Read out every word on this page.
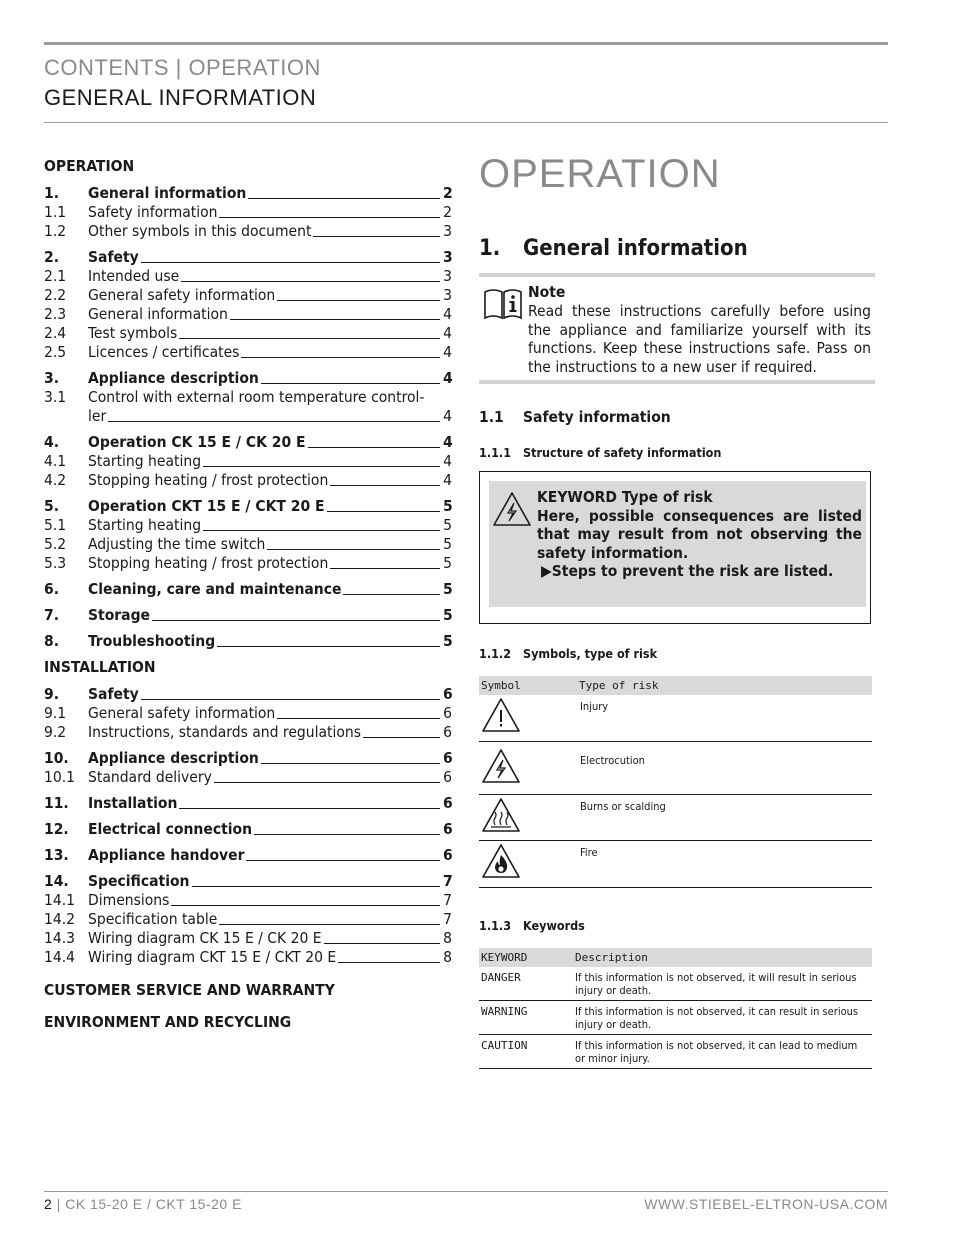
CONTENTS | OPERATION
GENERAL INFORMATION
OPERATION
1.	General information	2
1.1	Safety information	2
1.2	Other symbols in this document	3
2.	Safety	3
2.1	Intended use	3
2.2	General safety information	3
2.3	General information	4
2.4	Test symbols	4
2.5	Licences / certificates	4
3.	Appliance description	4
3.1	Control with external room temperature control-
ler	4
4.	Operation CK 15 E / CK 20 E	4
4.1	Starting heating	4
4.2	Stopping heating / frost protection	4
5.	Operation CKT 15 E / CKT 20 E	5
5.1	Starting heating	5
5.2	Adjusting the time switch	5
5.3	Stopping heating / frost protection	5
6.	Cleaning, care and maintenance	5
7.	Storage	5
8.	Troubleshooting	5
INSTALLATION
9.	Safety	6
9.1	General safety information	6
9.2	Instructions, standards and regulations	6
10.	Appliance description	6
10.1 Standard delivery	6
11.	Installation	6
12.	Electrical connection	6
13.	Appliance handover	6
14.	Specification	7
14.1 Dimensions	7
14.2 Specification table	7
14.3 Wiring diagram CK 15 E / CK 20 E	8
14.4 Wiring diagram CKT 15 E / CKT 20 E	8
CUSTOMER SERVICE AND WARRANTY
ENVIRONMENT AND RECYCLING
OPERATION
1. General information
Note
Read these instructions carefully before using the appliance and familiarize yourself with its functions. Keep these instructions safe. Pass on the instructions to a new user if required.
1.1 Safety information
1.1.1 Structure of safety information
KEYWORD Type of risk
Here, possible consequences are listed that may result from not observing the safety information.
▶Steps to prevent the risk are listed.
1.1.2 Symbols, type of risk
Symbol	Type of risk
	Injury
	Electrocution
	Burns or scalding
	Fire
1.1.3 Keywords
KEYWORD	Description
DANGER	If this information is not observed, it will result in serious injury or death.
WARNING	If this information is not observed, it can result in serious injury or death.
CAUTION	If this information is not observed, it can lead to medium or minor injury.
2 | CK 15-20 E / CKT 15-20 E	WWW.STIEBEL-ELTRON-USA.COM
